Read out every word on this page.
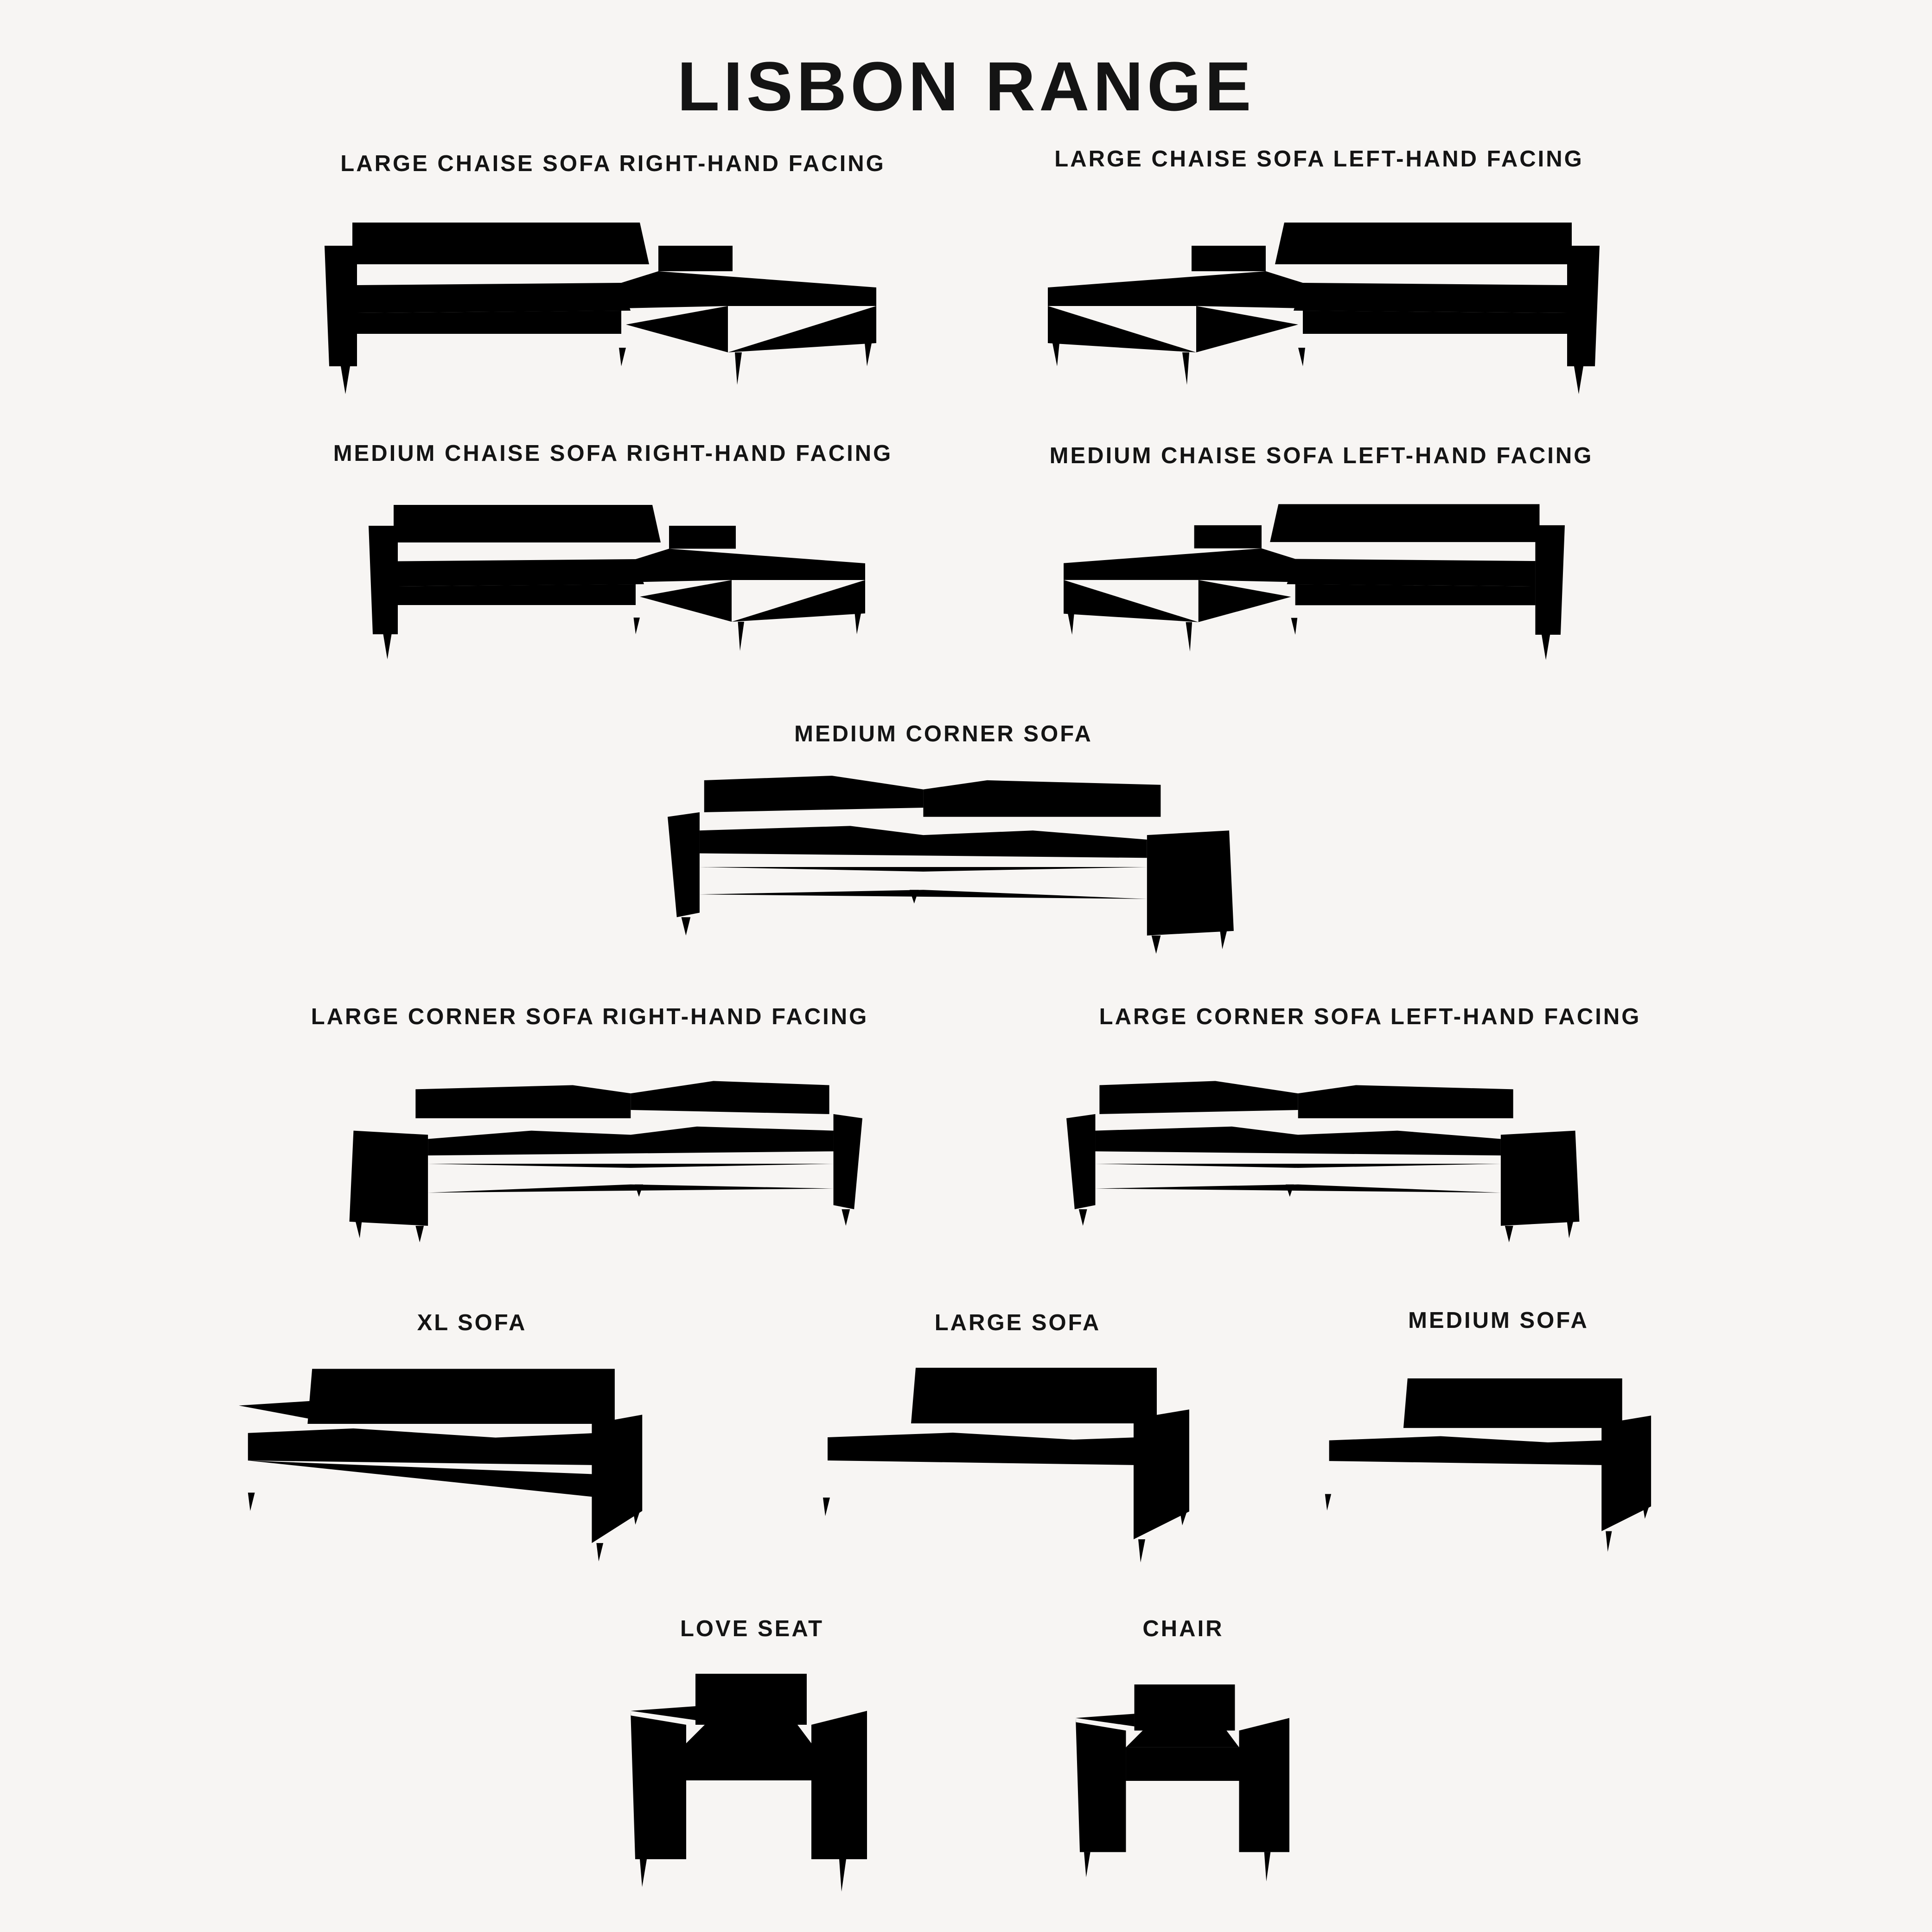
LISBON RANGE
LARGE CHAISE SOFA RIGHT-HAND FACING	LARGE CHAISE SOFA LEFT-HAND FACING
MEDIUM CHAISE SOFA RIGHT-HAND FACING	MEDIUM CHAISE SOFA LEFT-HAND FACING
MEDIUM CORNER SOFA
LARGE CORNER SOFA RIGHT-HAND FACING	LARGE CORNER SOFA LEFT-HAND FACING
XL SOFA	LARGE SOFA	MEDIUM SOFA
LOVE SEAT	CHAIR
